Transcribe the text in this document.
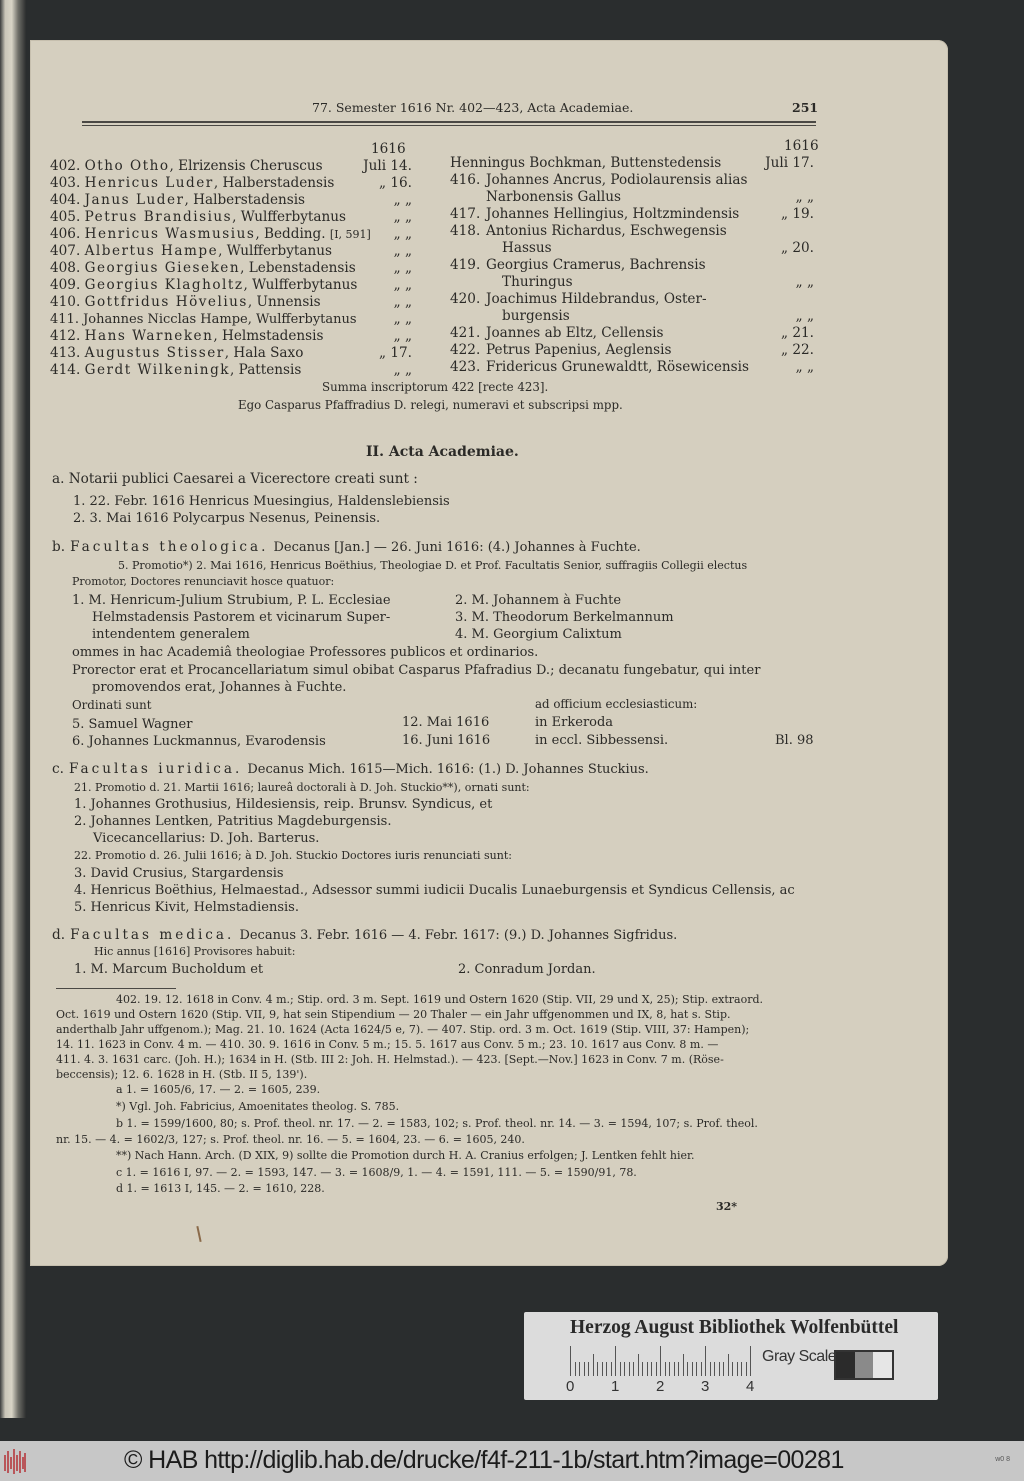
77. Semester 1616 Nr. 402—423, Acta Academiae.	251
1616	1616
402. Otho Otho, Elrizensis Cheruscus	Juli 14.
403. Henricus Luder, Halberstadensis	„ 16.
404. Janus Luder, Halberstadensis	„ „
405. Petrus Brandisius, Wulfferbytanus	„ „
406. Henricus Wasmusius, Bedding. [I, 591]	„ „
407. Albertus Hampe, Wulfferbytanus	„ „
408. Georgius Gieseken, Lebenstadensis	„ „
409. Georgius Klagholtz, Wulfferbytanus	„ „
410. Gottfridus Hövelius, Unnensis	„ „
411. Johannes Nicclas Hampe, Wulfferbytanus	„ „
412. Hans Warneken, Helmstadensis	„ „
413. Augustus Stisser, Hala Saxo	„ 17.
414. Gerdt Wilkeningk, Pattensis	„ „
Henningus Bochkman, Buttenstedensis	Juli 17.
416. Johannes Ancrus, Podiolaurensis alias
Narbonensis Gallus	„ „
417. Johannes Hellingius, Holtzmindensis	„ 19.
418. Antonius Richardus, Eschwegensis
Hassus	„ 20.
419. Georgius Cramerus, Bachrensis
Thuringus	„ „
420. Joachimus Hildebrandus, Oster-
burgensis	„ „
421. Joannes ab Eltz, Cellensis	„ 21.
422. Petrus Papenius, Aeglensis	„ 22.
423. Fridericus Grunewaldtt, Rösewicensis	„ „
Summa inscriptorum 422 [recte 423].
Ego Casparus Pfaffradius D. relegi, numeravi et subscripsi mpp.
II. Acta Academiae.
a. Notarii publici Caesarei a Vicerectore creati sunt :
1. 22. Febr. 1616 Henricus Muesingius, Haldenslebiensis
2. 3. Mai 1616 Polycarpus Nesenus, Peinensis.
b. Facultas theologica. Decanus [Jan.] — 26. Juni 1616: (4.) Johannes à Fuchte.
5. Promotio*) 2. Mai 1616, Henricus Boëthius, Theologiae D. et Prof. Facultatis Senior, suffragiis Collegii electus
Promotor, Doctores renunciavit hosce quatuor:
1. M. Henricum-Julium Strubium, P. L. Ecclesiae
Helmstadensis Pastorem et vicinarum Super-
intendentem generalem
2. M. Johannem à Fuchte
3. M. Theodorum Berkelmannum
4. M. Georgium Calixtum
ommes in hac Academiâ theologiae Professores publicos et ordinarios.
Prorector erat et Procancellariatum simul obibat Casparus Pfafradius D.; decanatu fungebatur, qui inter
promovendos erat, Johannes à Fuchte.
Ordinati sunt	ad officium ecclesiasticum:
5. Samuel Wagner	12. Mai 1616	in Erkeroda
6. Johannes Luckmannus, Evarodensis	16. Juni 1616	in eccl. Sibbessensi.	Bl. 98
c. Facultas iuridica. Decanus Mich. 1615—Mich. 1616: (1.) D. Johannes Stuckius.
21. Promotio d. 21. Martii 1616; laureâ doctorali à D. Joh. Stuckio**), ornati sunt:
1. Johannes Grothusius, Hildesiensis, reip. Brunsv. Syndicus, et
2. Johannes Lentken, Patritius Magdeburgensis.
Vicecancellarius: D. Joh. Barterus.
22. Promotio d. 26. Julii 1616; à D. Joh. Stuckio Doctores iuris renunciati sunt:
3. David Crusius, Stargardensis
4. Henricus Boëthius, Helmaestad., Adsessor summi iudicii Ducalis Lunaeburgensis et Syndicus Cellensis, ac
5. Henricus Kivit, Helmstadiensis.
d. Facultas medica. Decanus 3. Febr. 1616 — 4. Febr. 1617: (9.) D. Johannes Sigfridus.
Hic annus [1616] Provisores habuit:
1. M. Marcum Bucholdum et	2. Conradum Jordan.
402. 19. 12. 1618 in Conv. 4 m.; Stip. ord. 3 m. Sept. 1619 und Ostern 1620 (Stip. VII, 29 und X, 25); Stip. extraord.
Oct. 1619 und Ostern 1620 (Stip. VII, 9, hat sein Stipendium — 20 Thaler — ein Jahr uffgenommen und IX, 8, hat s. Stip.
anderthalb Jahr uffgenom.); Mag. 21. 10. 1624 (Acta 1624/5 e, 7). — 407. Stip. ord. 3 m. Oct. 1619 (Stip. VIII, 37: Hampen);
14. 11. 1623 in Conv. 4 m. — 410. 30. 9. 1616 in Conv. 5 m.; 15. 5. 1617 aus Conv. 5 m.; 23. 10. 1617 aus Conv. 8 m. —
411. 4. 3. 1631 carc. (Joh. H.); 1634 in H. (Stb. III 2: Joh. H. Helmstad.). — 423. [Sept.—Nov.] 1623 in Conv. 7 m. (Röse-
beccensis); 12. 6. 1628 in H. (Stb. II 5, 139').
a 1. = 1605/6, 17. — 2. = 1605, 239.
*) Vgl. Joh. Fabricius, Amoenitates theolog. S. 785.
b 1. = 1599/1600, 80; s. Prof. theol. nr. 17. — 2. = 1583, 102; s. Prof. theol. nr. 14. — 3. = 1594, 107; s. Prof. theol.
nr. 15. — 4. = 1602/3, 127; s. Prof. theol. nr. 16. — 5. = 1604, 23. — 6. = 1605, 240.
**) Nach Hann. Arch. (D XIX, 9) sollte die Promotion durch H. A. Cranius erfolgen; J. Lentken fehlt hier.
c 1. = 1616 I, 97. — 2. = 1593, 147. — 3. = 1608/9, 1. — 4. = 1591, 111. — 5. = 1590/91, 78.
d 1. = 1613 I, 145. — 2. = 1610, 228.
32*
Herzog August Bibliothek Wolfenbüttel
0 1 2 3 4
Gray Scale
© HAB http://diglib.hab.de/drucke/f4f-211-1b/start.htm?image=00281	w0 8
